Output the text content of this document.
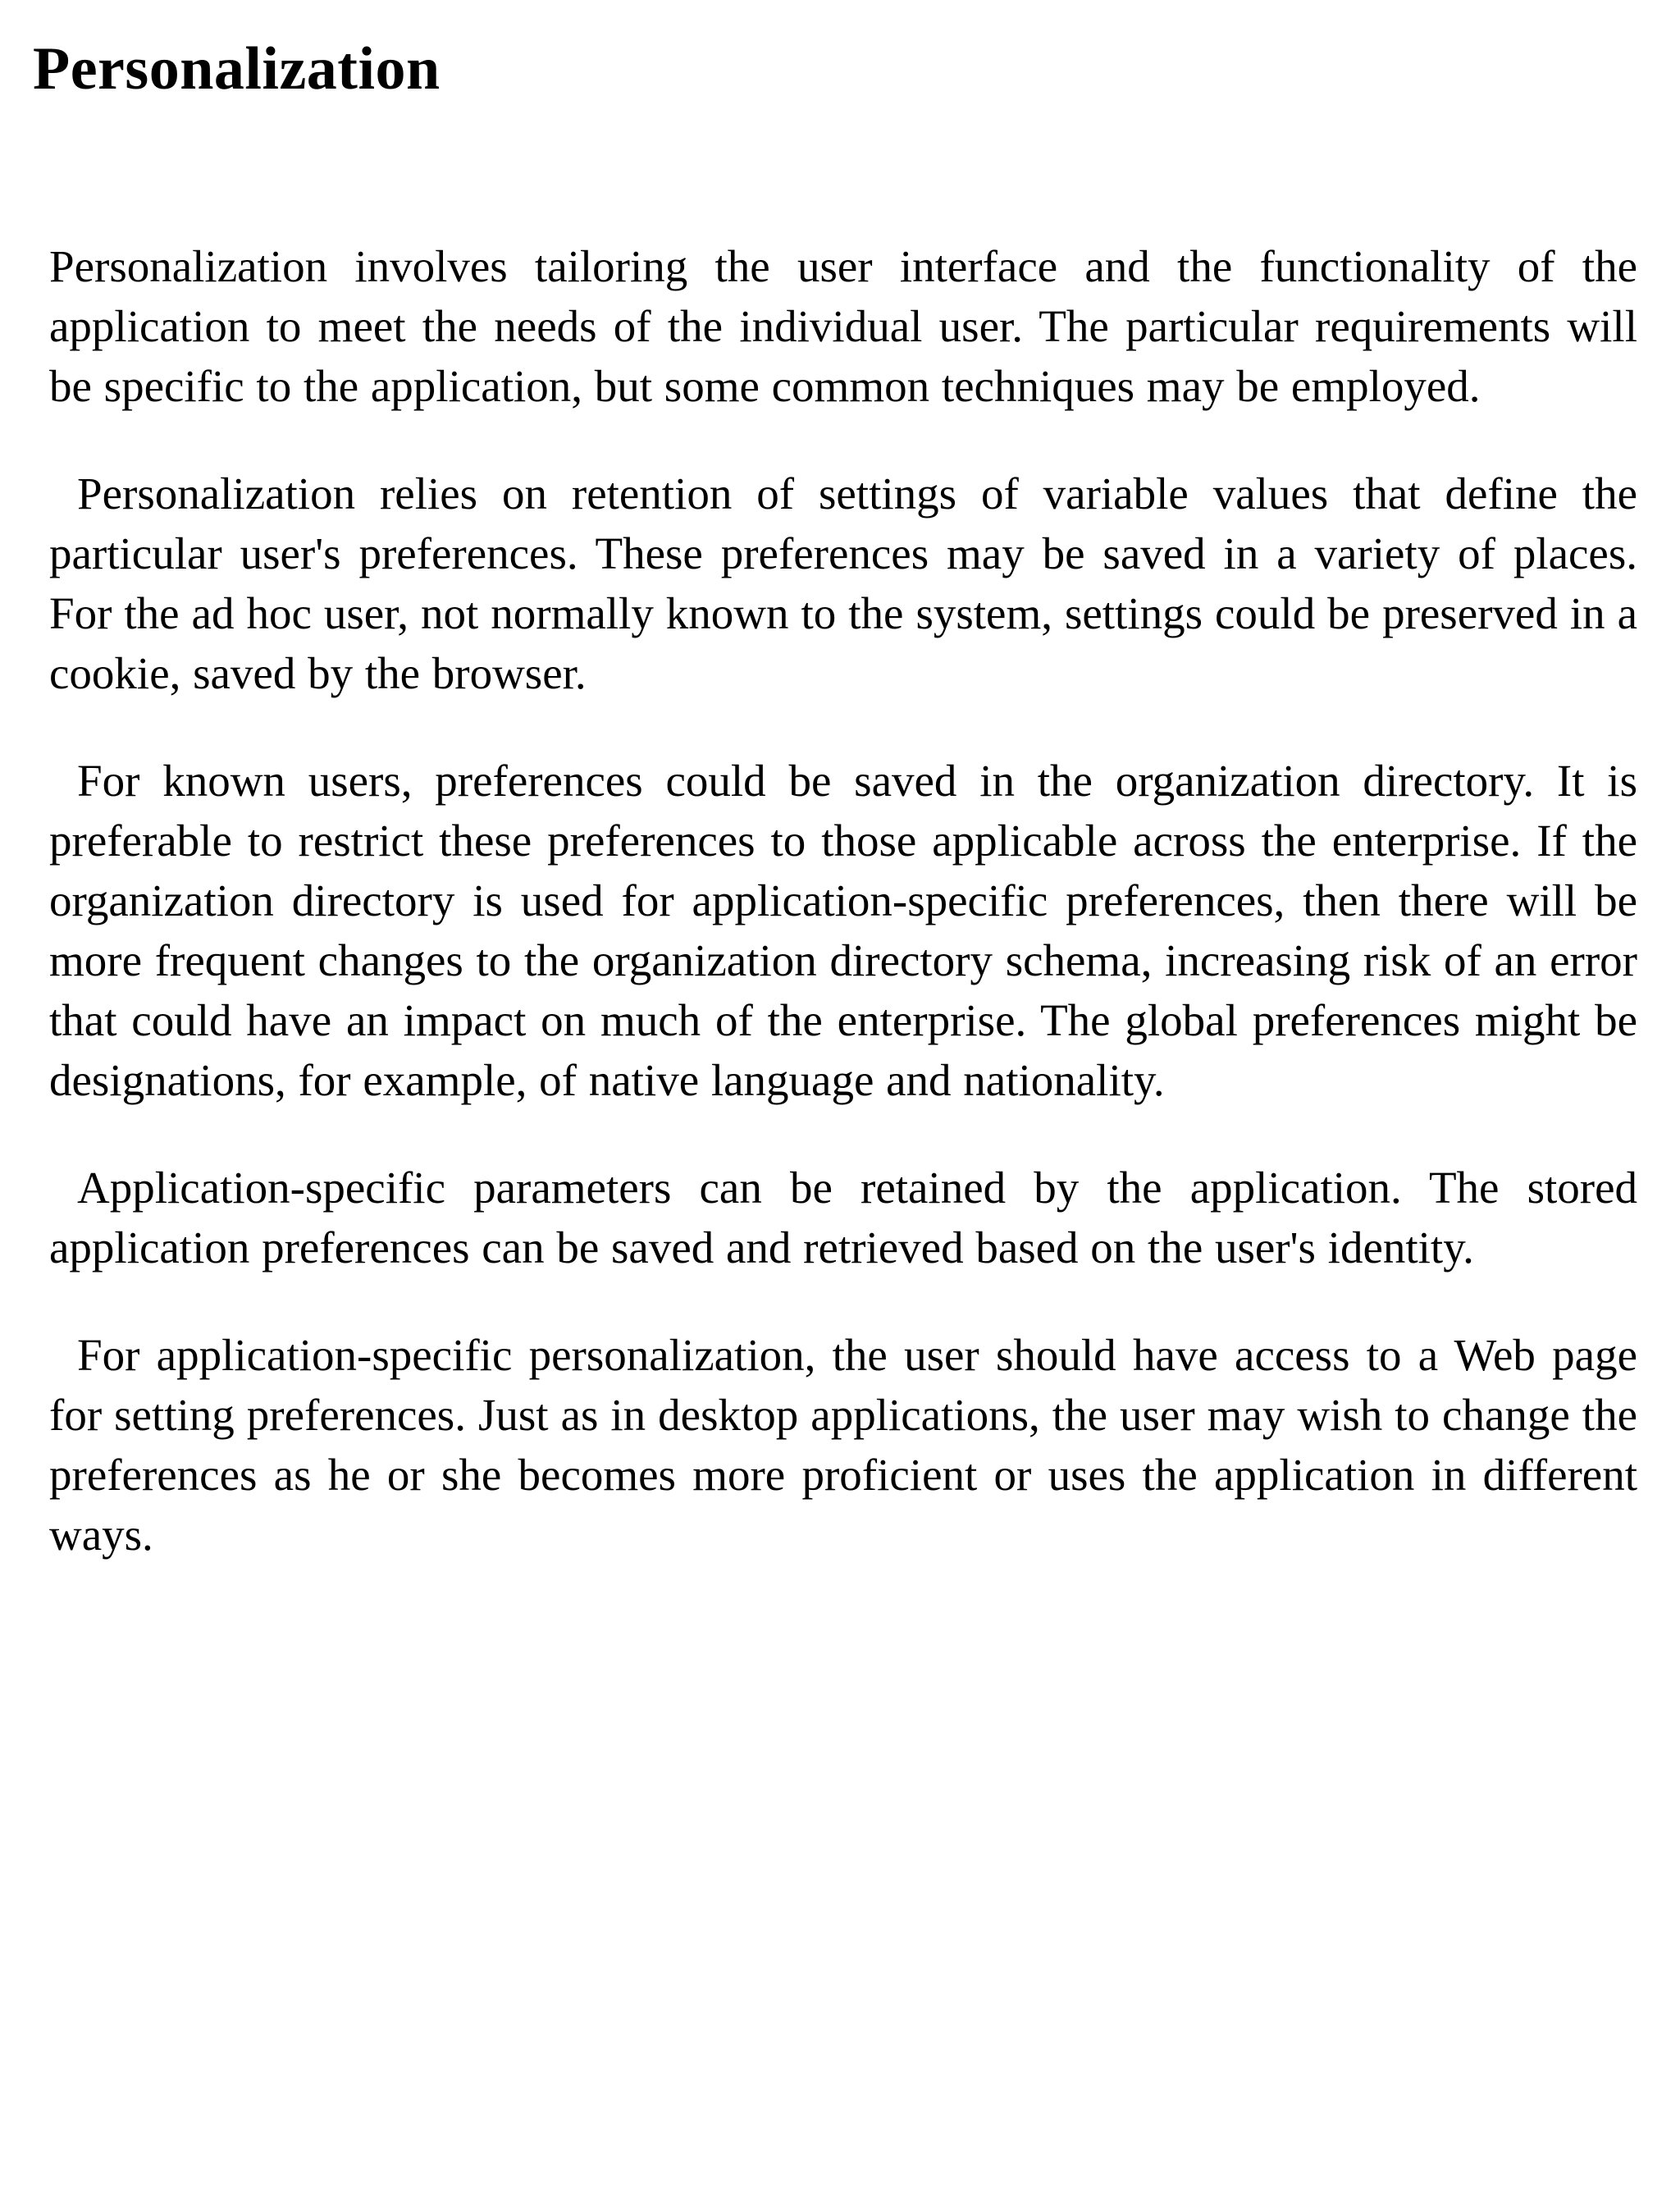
Personalization

Personalization involves tailoring the user interface and the functionality of the application to meet the needs of the individual user. The particular requirements will be specific to the application, but some common techniques may be employed.

Personalization relies on retention of settings of variable values that define the particular user's preferences. These preferences may be saved in a variety of places. For the ad hoc user, not normally known to the system, settings could be preserved in a cookie, saved by the browser.

For known users, preferences could be saved in the organization directory. It is preferable to restrict these preferences to those applicable across the enterprise. If the organization directory is used for application-specific preferences, then there will be more frequent changes to the organization directory schema, increasing risk of an error that could have an impact on much of the enterprise. The global preferences might be designations, for example, of native language and nationality.

Application-specific parameters can be retained by the application. The stored application preferences can be saved and retrieved based on the user's identity.

For application-specific personalization, the user should have access to a Web page for setting preferences. Just as in desktop applications, the user may wish to change the preferences as he or she becomes more proficient or uses the application in different ways.
